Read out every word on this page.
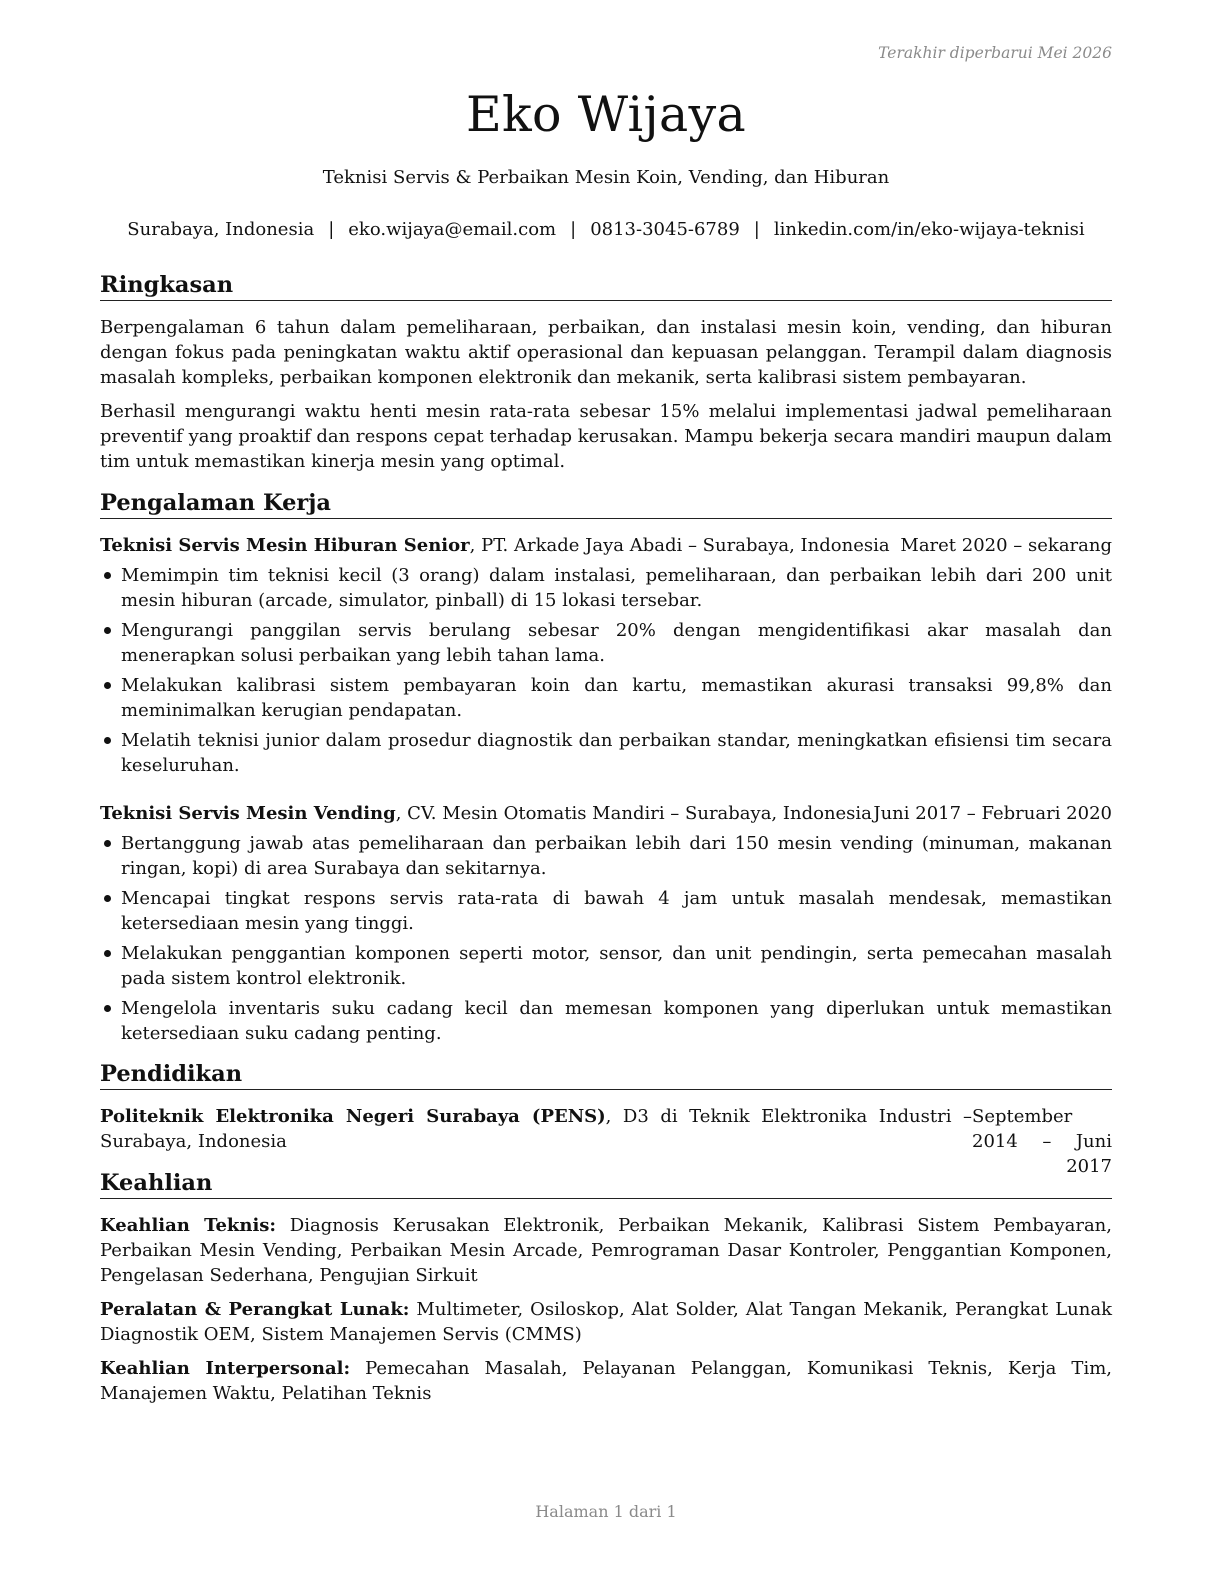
Terakhir diperbarui Mei 2026
Eko Wijaya
Teknisi Servis & Perbaikan Mesin Koin, Vending, dan Hiburan
Surabaya, Indonesia | eko.wijaya@email.com | 0813-3045-6789 | linkedin.com/in/eko-wijaya-teknisi
Ringkasan
Berpengalaman 6 tahun dalam pemeliharaan, perbaikan, dan instalasi mesin koin, vending, dan hiburan dengan fokus pada peningkatan waktu aktif operasional dan kepuasan pelanggan. Terampil dalam diagnosis masalah kompleks, perbaikan komponen elektronik dan mekanik, serta kalibrasi sistem pembayaran.
Berhasil mengurangi waktu henti mesin rata-rata sebesar 15% melalui implementasi jadwal pemeliharaan preventif yang proaktif dan respons cepat terhadap kerusakan. Mampu bekerja secara mandiri maupun dalam tim untuk memastikan kinerja mesin yang optimal.
Pengalaman Kerja
Teknisi Servis Mesin Hiburan Senior, PT. Arkade Jaya Abadi – Surabaya, Indonesia Maret 2020 – sekarang
Memimpin tim teknisi kecil (3 orang) dalam instalasi, pemeliharaan, dan perbaikan lebih dari 200 unit mesin hiburan (arcade, simulator, pinball) di 15 lokasi tersebar.
Mengurangi panggilan servis berulang sebesar 20% dengan mengidentifikasi akar masalah dan menerapkan solusi perbaikan yang lebih tahan lama.
Melakukan kalibrasi sistem pembayaran koin dan kartu, memastikan akurasi transaksi 99,8% dan meminimalkan kerugian pendapatan.
Melatih teknisi junior dalam prosedur diagnostik dan perbaikan standar, meningkatkan efisiensi tim secara keseluruhan.
Teknisi Servis Mesin Vending, CV. Mesin Otomatis Mandiri – Surabaya, Indonesia Juni 2017 – Februari 2020
Bertanggung jawab atas pemeliharaan dan perbaikan lebih dari 150 mesin vending (minuman, makanan ringan, kopi) di area Surabaya dan sekitarnya.
Mencapai tingkat respons servis rata-rata di bawah 4 jam untuk masalah mendesak, memastikan ketersediaan mesin yang tinggi.
Melakukan penggantian komponen seperti motor, sensor, dan unit pendingin, serta pemecahan masalah pada sistem kontrol elektronik.
Mengelola inventaris suku cadang kecil dan memesan komponen yang diperlukan untuk memastikan ketersediaan suku cadang penting.
Pendidikan
Politeknik Elektronika Negeri Surabaya (PENS), D3 di Teknik Elektronika Industri – Surabaya, Indonesia
September 2014 – Juni 2017
Keahlian
Keahlian Teknis: Diagnosis Kerusakan Elektronik, Perbaikan Mekanik, Kalibrasi Sistem Pembayaran, Perbaikan Mesin Vending, Perbaikan Mesin Arcade, Pemrograman Dasar Kontroler, Penggantian Komponen, Pengelasan Sederhana, Pengujian Sirkuit
Peralatan & Perangkat Lunak: Multimeter, Osiloskop, Alat Solder, Alat Tangan Mekanik, Perangkat Lunak Diagnostik OEM, Sistem Manajemen Servis (CMMS)
Keahlian Interpersonal: Pemecahan Masalah, Pelayanan Pelanggan, Komunikasi Teknis, Kerja Tim, Manajemen Waktu, Pelatihan Teknis
Halaman 1 dari 1
